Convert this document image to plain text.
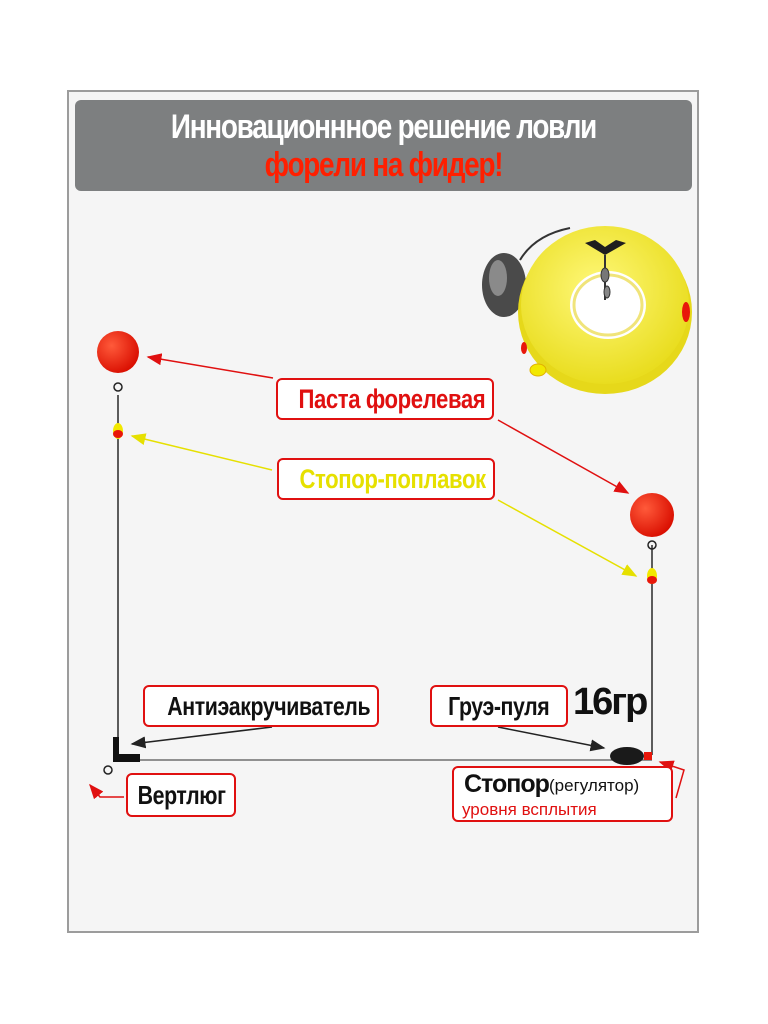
Инновационнное решение ловли
форели на фидер!
Паста форелевая
Стопор-поплавок
Антиэакручиватель	Груэ-пуля 16гр
Вертлюг	Стопор (регулятор)
уровня всплытия
